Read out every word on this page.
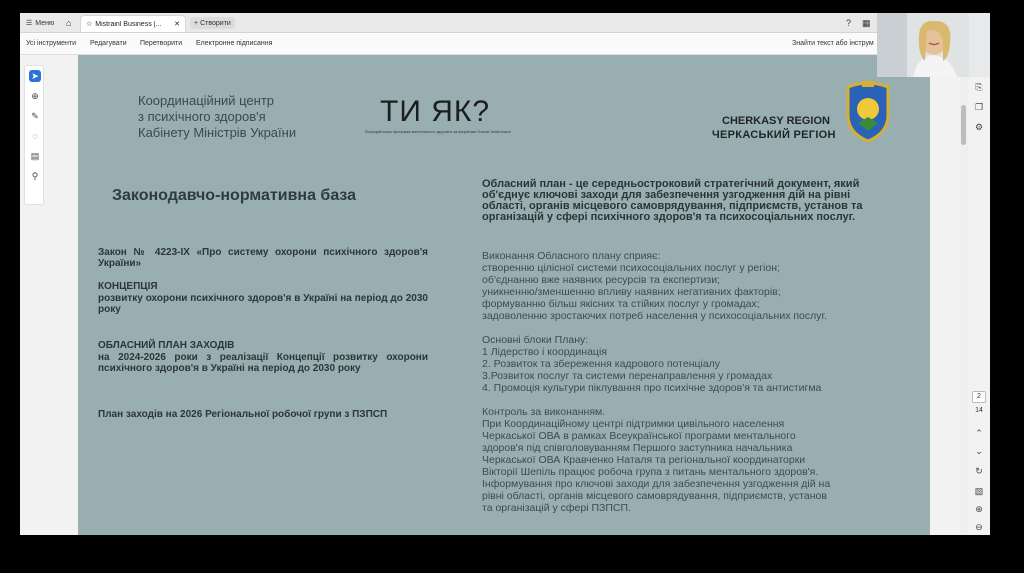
☰ Меню ⌂ ☆ Mistrainl Business |...	✕ + Створити	? ▦
Усі інструменти Редагувати Перетворити Електронне підписання	Знайти текст або інструм
➤
⊕
✎
◌
▤
⚲
Координаційний центр
з психічного здоров'я
Кабінету Міністрів України
ТИ ЯК?
Всеукраїнська програма ментального здоров'я за ініціативи Олени Зеленської
CHERKASY REGION
ЧЕРКАСЬКИЙ РЕГІОН
Законодавчо-нормативна база
Закон № 4223-IX «Про систему охорони психічного здоров'я України»
КОНЦЕПЦІЯ
розвитку охорони психічного здоров'я в Україні на період до 2030 року
ОБЛАСНИЙ ПЛАН ЗАХОДІВ
на 2024-2026 роки з реалізації Концепції розвитку охорони психічного здоров'я в Україні на період до 2030 року
План заходів на 2026 Регіональної робочої групи з ПЗПСП
Обласний план - це середньостроковий стратегічний документ, який об'єднує ключові заходи для забезпечення узгодження дій на рівні області, органів місцевого самоврядування, підприємств, установ та організацій у сфері психічного здоров'я та психосоціальних послуг.
Виконання Обласного плану сприяє:
створенню цілісної системи психосоціальних послуг у регіон;
об'єднанню вже наявних ресурсів та експертизи;
уникненню/зменшенню впливу наявних негативних факторів;
формуванню більш якісних та стійких послуг у громадах;
задоволенню зростаючих потреб населення у психосоціальних послуг.
Основні блоки Плану:
1 Лідерство і координація
2. Розвиток та збереження кадрового потенціалу
3.Розвиток послуг та системи перенаправлення у громадах
4. Промоція культури піклування про психічне здоров'я та антистигма
Контроль за виконанням.
При Координаційному центрі підтримки цивільного населення
Черкаської ОВА в рамках Всеукраїнської програми ментального
здоров'я під співголовуванням Першого заступника начальника
Черкаської ОВА Кравченко Наталя та регіональної координаторки
Вікторії Шепіль працює робоча група з питань ментального здоров'я.
Інформування про ключові заходи для забезпечення узгодження дій на
рівні області, органів місцевого самоврядування, підприємств, установ
та організацій у сфері ПЗПСП.
⎘
❐
⚙
2
14
⌃
⌄
↻
▧
⊕
⊖
